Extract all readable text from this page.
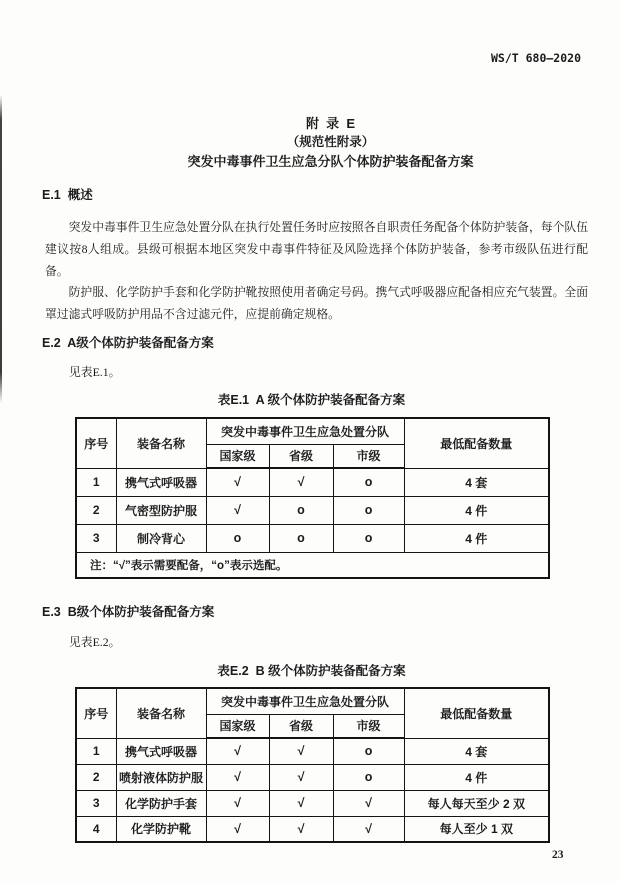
WS/T 680—2020
附  录  E
（规范性附录）
突发中毒事件卫生应急分队个体防护装备配备方案
E.1  概述

突发中毒事件卫生应急处置分队在执行处置任务时应按照各自职责任务配备个体防护装备，每个队伍建议按8人组成。县级可根据本地区突发中毒事件特征及风险选择个体防护装备，参考市级队伍进行配备。

防护服、化学防护手套和化学防护靴按照使用者确定号码。携气式呼吸器应配备相应充气装置。全面罩过滤式呼吸防护用品不含过滤元件，应提前确定规格。

E.2  A级个体防护装备配备方案
见表E.1。
表E.1  A 级个体防护装备配备方案
序号	装备名称	突发中毒事件卫生应急处置分队			最低配备数量
		国家级	省级	市级	
1	携气式呼吸器	√	√	o	4 套
2	气密型防护服	√	o	o	4 件
3	制冷背心	o	o	o	4 件
注：“√”表示需要配备，“o”表示选配。					
E.3  B级个体防护装备配备方案
见表E.2。
表E.2  B 级个体防护装备配备方案
序号	装备名称	突发中毒事件卫生应急处置分队			最低配备数量
		国家级	省级	市级	
1	携气式呼吸器	√	√	o	4 套
2	喷射液体防护服	√	√	o	4 件
3	化学防护手套	√	√	√	每人每天至少 2 双
4	化学防护靴	√	√	√	每人至少 1 双
23
